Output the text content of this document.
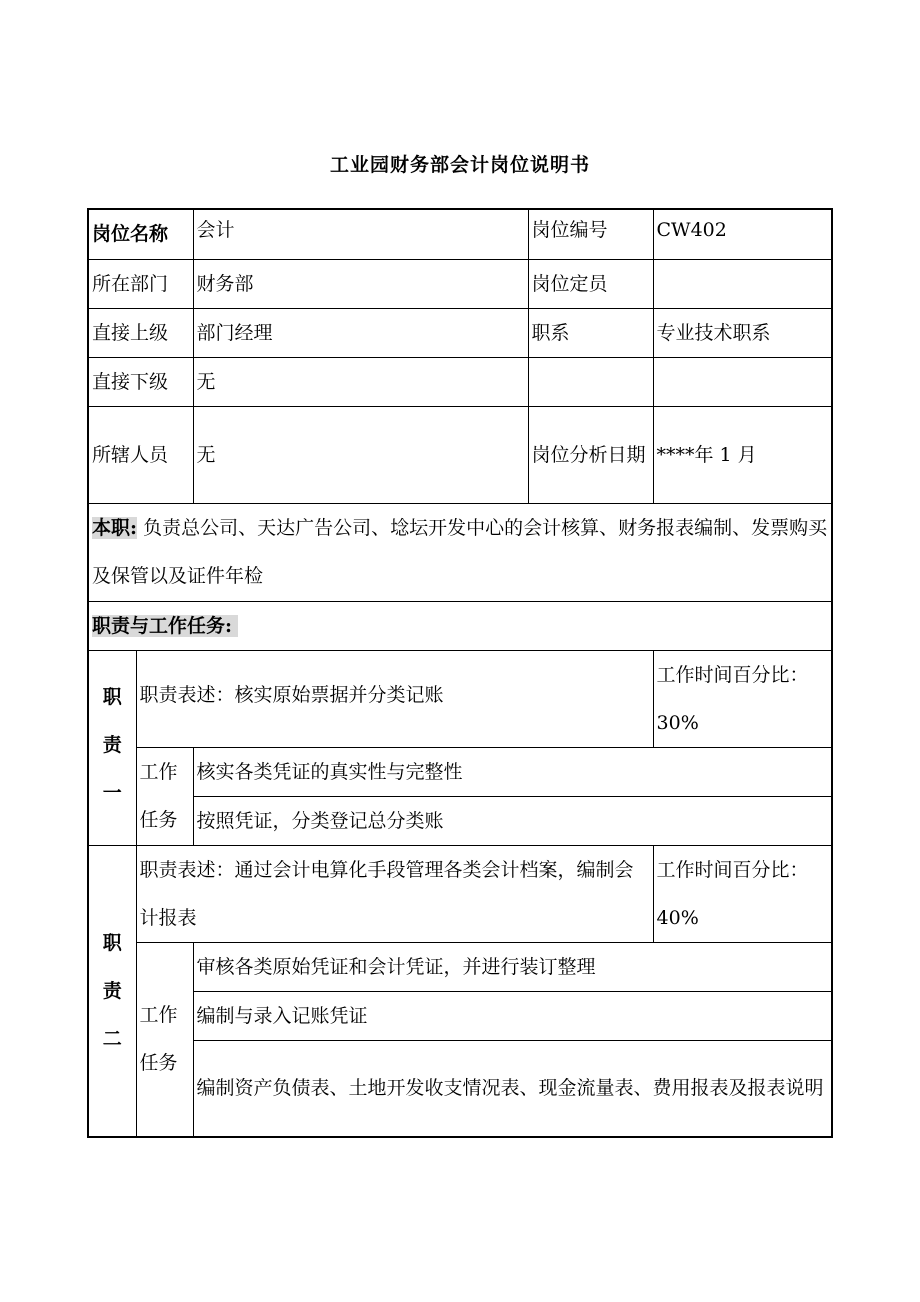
工业园财务部会计岗位说明书
岗位名称		会计	岗位编号	CW402
所在部门		财务部	岗位定员	
直接上级		部门经理	职系	专业技术职系
直接下级		无		
所辖人员		无	岗位分析日期	****年 1 月
本职: 负责总公司、天达广告公司、埝坛开发中心的会计核算、财务报表编制、发票购买及保管以及证件年检				
职责与工作任务:				
职责一	职责表述：核实原始票据并分类记账			工作时间百分比：
30%
	工作任务	核实各类凭证的真实性与完整性		
		按照凭证，分类登记总分类账		
职责二	职责表述：通过会计电算化手段管理各类会计档案，编制会计报表			工作时间百分比：
40%
	工作任务	审核各类原始凭证和会计凭证，并进行装订整理		
		编制与录入记账凭证		
		编制资产负债表、土地开发收支情况表、现金流量表、费用报表及报表说明		
